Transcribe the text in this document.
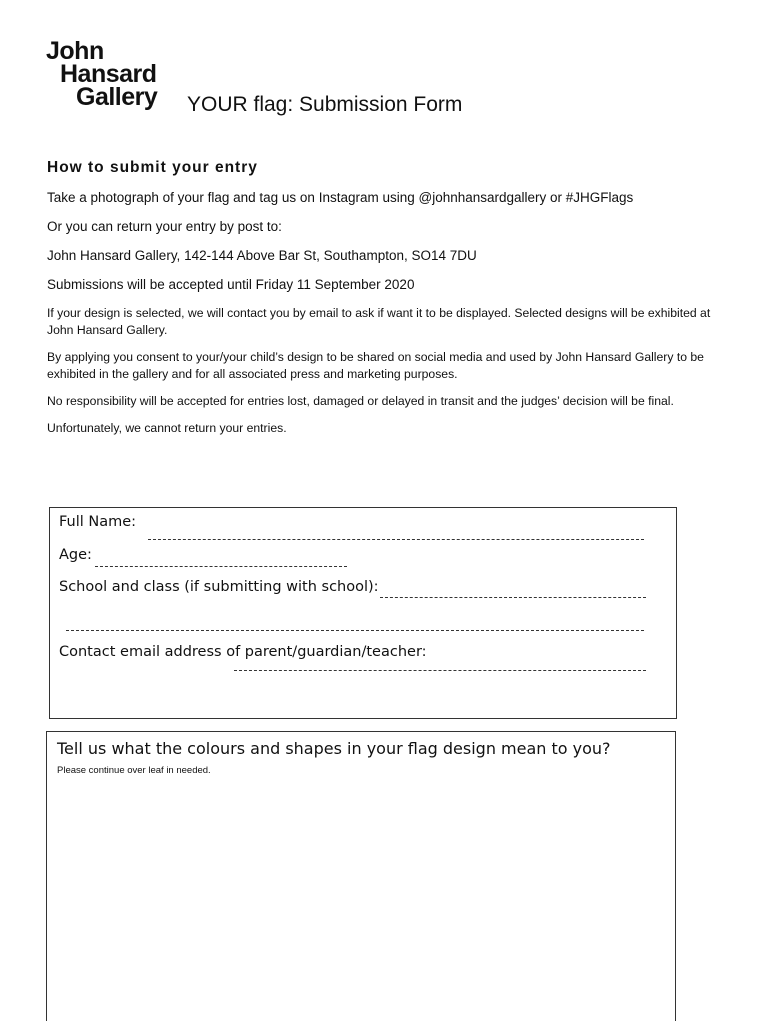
John
Hansard
Gallery YOUR flag: Submission Form
How to submit your entry

Take a photograph of your flag and tag us on Instagram using @johnhansardgallery or #JHGFlags

Or you can return your entry by post to:

John Hansard Gallery, 142-144 Above Bar St, Southampton, SO14 7DU

Submissions will be accepted until Friday 11 September 2020

If your design is selected, we will contact you by email to ask if want it to be displayed. Selected designs will be exhibited at John Hansard Gallery.

By applying you consent to your/your child’s design to be shared on social media and used by John Hansard Gallery to be exhibited in the gallery and for all associated press and marketing purposes.

No responsibility will be accepted for entries lost, damaged or delayed in transit and the judges’ decision will be final.

Unfortunately, we cannot return your entries.

Full Name:
Age:
School and class (if submitting with school):
Contact email address of parent/guardian/teacher:
Tell us what the colours and shapes in your flag design mean to you?
Please continue over leaf in needed.
